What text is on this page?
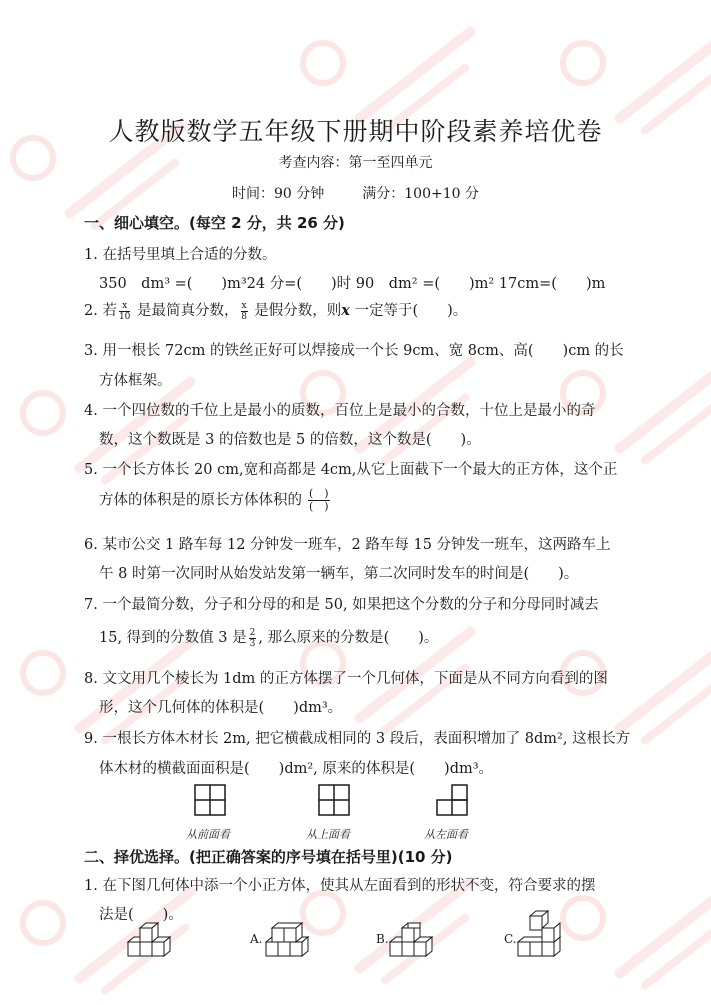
人教版数学五年级下册期中阶段素养培优卷
考查内容：第一至四单元
时间：90 分钟	满分：100+10 分
一、细心填空。(每空 2 分，共 26 分)
1. 在括号里填上合适的分数。
350　dm³ =(　　)m³24 分=(　　)时 90　dm² =(　　)m² 17cm=(　　)m
2. 若 $\frac{x}{10}$ 是最简真分数， $\frac{x}{8}$ 是假分数，则x 一定等于(　　)。
3. 用一根长 72cm 的铁丝正好可以焊接成一个长 9cm、宽 8cm、高(　　)cm 的长
方体框架。
4. 一个四位数的千位上是最小的质数，百位上是最小的合数，十位上是最小的奇
数，这个数既是 3 的倍数也是 5 的倍数，这个数是(　　)。
5. 一个长方体长 20 cm,宽和高都是 4cm,从它上面截下一个最大的正方体，这个正
方体的体积是的原长方体体积的 $\frac{( )}{( )}$
6. 某市公交 1 路车每 12 分钟发一班车，2 路车每 15 分钟发一班车，这两路车上
午 8 时第一次同时从始发站发第一辆车，第二次同时发车的时间是(　　)。
7. 一个最简分数，分子和分母的和是 50, 如果把这个分数的分子和分母同时减去
15, 得到的分数值 3 是 $\frac{2}{3}$ , 那么原来的分数是(　　)。
8. 文文用几个棱长为 1dm 的正方体摆了一个几何体，下面是从不同方向看到的图
形，这个几何体的体积是(　　)dm³。
9. 一根长方体木材长 2m, 把它横截成相同的 3 段后，表面积增加了 8dm², 这根长方
体木材的横截面面积是(　　)dm², 原来的体积是(　　)dm³。
从前面看	从上面看	从左面看
二、择优选择。(把正确答案的序号填在括号里)(10 分)
1. 在下图几何体中添一个小正方体，使其从左面看到的形状不变，符合要求的摆
法是(　　)。
A.	B.	C.
